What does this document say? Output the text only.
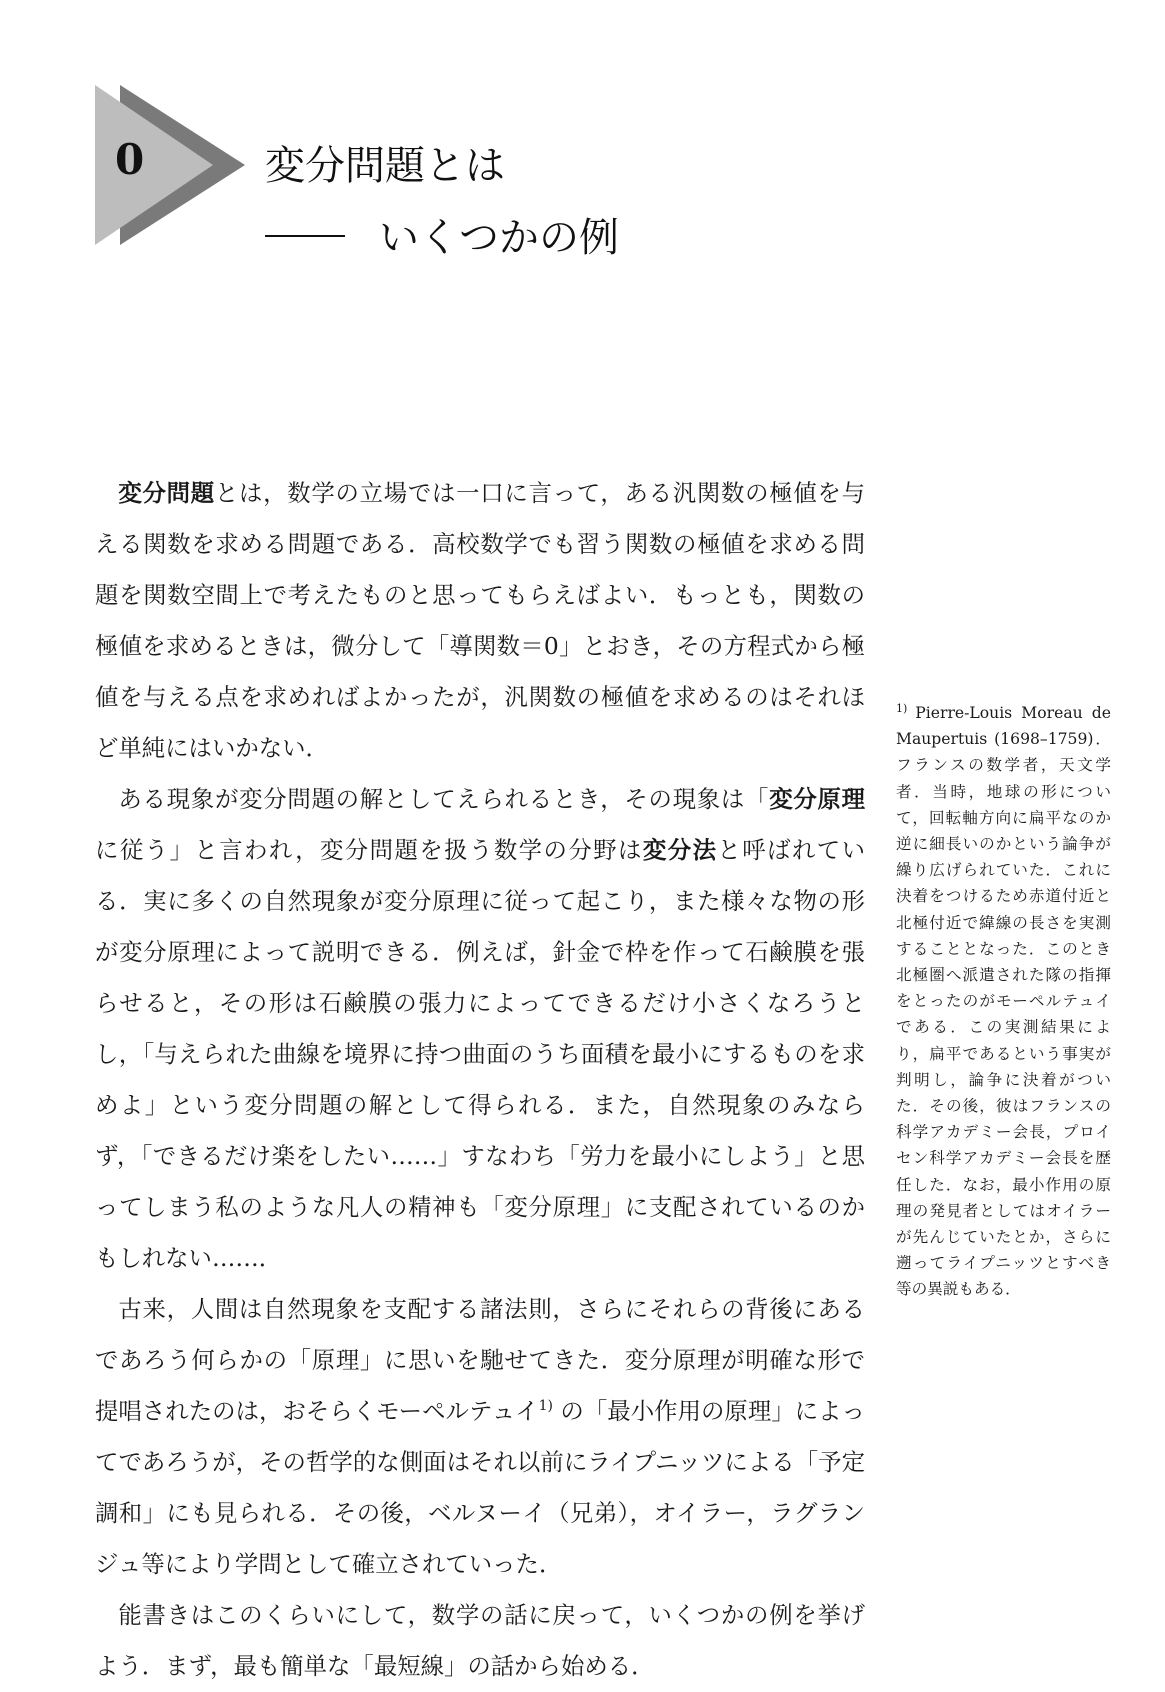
0	変分問題とは
いくつかの例

変分問題とは，数学の立場では一口に言って，ある汎関数の極値を与える関数を求める問題である．高校数学でも習う関数の極値を求める問題を関数空間上で考えたものと思ってもらえばよい．もっとも，関数の極値を求めるときは，微分して「導関数＝0」とおき，その方程式から極値を与える点を求めればよかったが，汎関数の極値を求めるのはそれほど単純にはいかない．

ある現象が変分問題の解としてえられるとき，その現象は「変分原理に従う」と言われ，変分問題を扱う数学の分野は変分法と呼ばれている．実に多くの自然現象が変分原理に従って起こり，また様々な物の形が変分原理によって説明できる．例えば，針金で枠を作って石鹸膜を張らせると，その形は石鹸膜の張力によってできるだけ小さくなろうとし，「与えられた曲線を境界に持つ曲面のうち面積を最小にするものを求めよ」という変分問題の解として得られる．また，自然現象のみならず，「できるだけ楽をしたい……」すなわち「労力を最小にしよう」と思ってしまう私のような凡人の精神も「変分原理」に支配されているのかもしれない……．

古来，人間は自然現象を支配する諸法則，さらにそれらの背後にあるであろう何らかの「原理」に思いを馳せてきた．変分原理が明確な形で提唱されたのは，おそらくモーペルテュイ$^{1)}$ の「最小作用の原理」によってであろうが，その哲学的な側面はそれ以前にライプニッツによる「予定調和」にも見られる．その後，ベルヌーイ（兄弟），オイラー，ラグランジュ等により学問として確立されていった．

能書きはこのくらいにして，数学の話に戻って，いくつかの例を挙げよう．まず，最も簡単な「最短線」の話から始める．

$^{1)}$ Pierre-Louis Moreau de Maupertuis (1698–1759)．フランスの数学者，天文学者．当時，地球の形について，回転軸方向に扁平なのか逆に細長いのかという論争が繰り広げられていた．これに決着をつけるため赤道付近と北極付近で緯線の長さを実測することとなった．このとき北極圏へ派遣された隊の指揮をとったのがモーペルテュイである．この実測結果により，扁平であるという事実が判明し，論争に決着がついた．その後，彼はフランスの科学アカデミー会長，プロイセン科学アカデミー会長を歴任した．なお，最小作用の原理の発見者としてはオイラーが先んじていたとか，さらに遡ってライプニッツとすべき等の異説もある．
